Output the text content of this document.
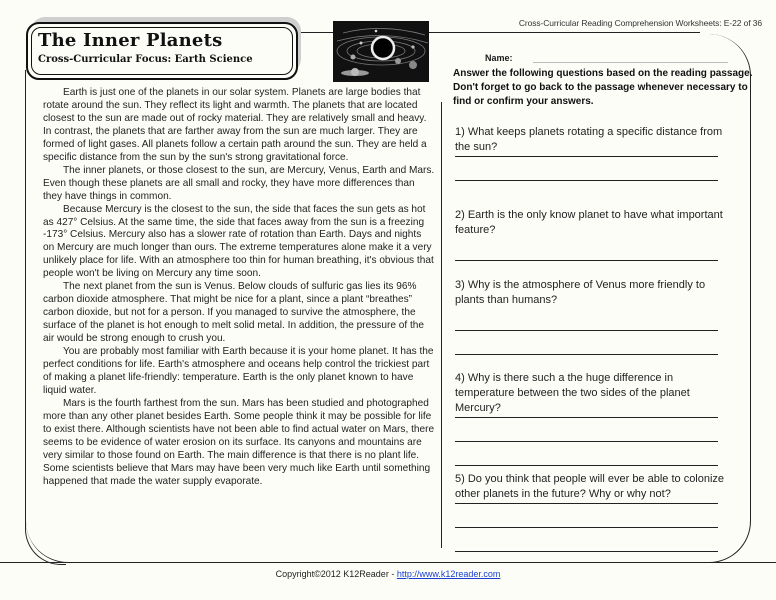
Cross-Curricular Reading Comprehension Worksheets: E-22 of 36
The Inner Planets
Cross-Curricular Focus: Earth Science

Earth is just one of the planets in our solar system. Planets are large bodies that rotate around the sun. They reflect its light and warmth. The planets that are located closest to the sun are made out of rocky material. They are relatively small and heavy. In contrast, the planets that are farther away from the sun are much larger. They are formed of light gases. All planets follow a certain path around the sun. They are held a specific distance from the sun by the sun's strong gravitational force.

The inner planets, or those closest to the sun, are Mercury, Venus, Earth and Mars. Even though these planets are all small and rocky, they have more differences than they have things in common.

Because Mercury is the closest to the sun, the side that faces the sun gets as hot as 427° Celsius. At the same time, the side that faces away from the sun is a freezing -173° Celsius. Mercury also has a slower rate of rotation than Earth. Days and nights on Mercury are much longer than ours. The extreme temperatures alone make it a very unlikely place for life. With an atmosphere too thin for human breathing, it's obvious that people won't be living on Mercury any time soon.

The next planet from the sun is Venus. Below clouds of sulfuric gas lies its 96% carbon dioxide atmosphere. That might be nice for a plant, since a plant “breathes” carbon dioxide, but not for a person. If you managed to survive the atmosphere, the surface of the planet is hot enough to melt solid metal. In addition, the pressure of the air would be strong enough to crush you.

You are probably most familiar with Earth because it is your home planet. It has the perfect conditions for life. Earth's atmosphere and oceans help control the trickiest part of making a planet life-friendly: temperature. Earth is the only planet known to have liquid water.

Mars is the fourth farthest from the sun. Mars has been studied and photographed more than any other planet besides Earth. Some people think it may be possible for life to exist there. Although scientists have not been able to find actual water on Mars, there seems to be evidence of water erosion on its surface. Its canyons and mountains are very similar to those found on Earth. The main difference is that there is no plant life. Some scientists believe that Mars may have been very much like Earth until something happened that made the water supply evaporate.

Name:
Answer the following questions based on the reading passage. Don't forget to go back to the passage whenever necessary to find or confirm your answers.
1) What keeps planets rotating a specific distance from the sun?
2) Earth is the only know planet to have what important feature?
3) Why is the atmosphere of Venus more friendly to plants than humans?
4) Why is there such a the huge difference in temperature between the two sides of the planet Mercury?
5) Do you think that people will ever be able to colonize other planets in the future? Why or why not?
Copyright©2012 K12Reader - http://www.k12reader.com
